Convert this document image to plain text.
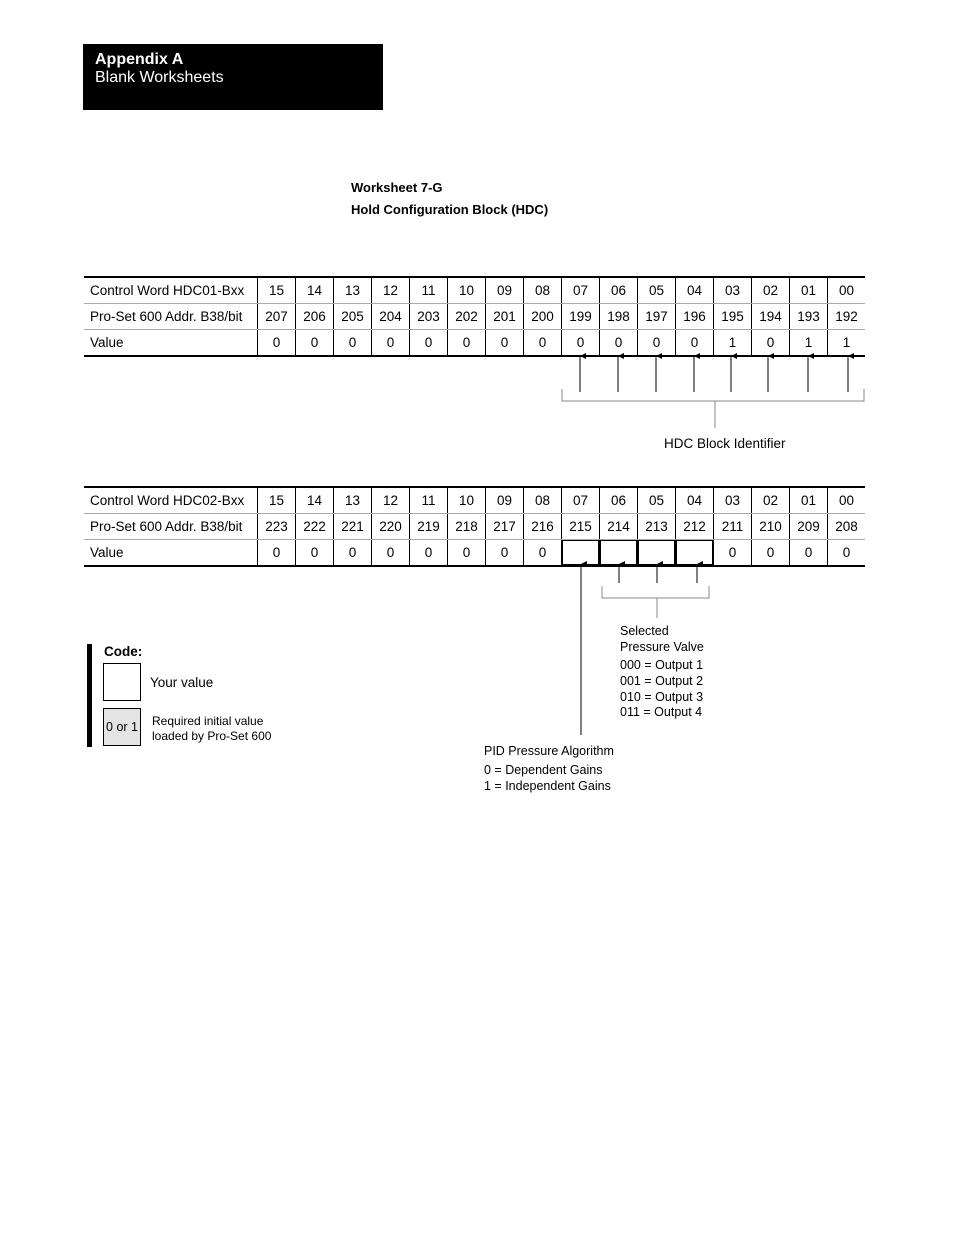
Appendix A
Blank Worksheets
Worksheet 7-G
Hold Configuration Block (HDC)
Control Word HDC01-Bxx	15	14	13	12	11	10	09	08	07	06	05	04	03	02	01	00
Pro-Set 600 Addr. B38/bit	207	206	205	204	203	202	201	200	199	198	197	196	195	194	193	192
Value	0	0	0	0	0	0	0	0	0	0	0	0	1	0	1	1
Control Word HDC02-Bxx	15	14	13	12	11	10	09	08	07	06	05	04	03	02	01	00
Pro-Set 600 Addr. B38/bit	223	222	221	220	219	218	217	216	215	214	213	212	211	210	209	208
Value	0	0	0	0	0	0	0	0					0	0	0	0
HDC Block Identifier
Selected
Pressure Valve
000 = Output 1
001 = Output 2
010 = Output 3
011 = Output 4
PID Pressure Algorithm
0 = Dependent Gains
1 = Independent Gains
Code:
Your value
0 or 1 Required initial value
loaded by Pro-Set 600
